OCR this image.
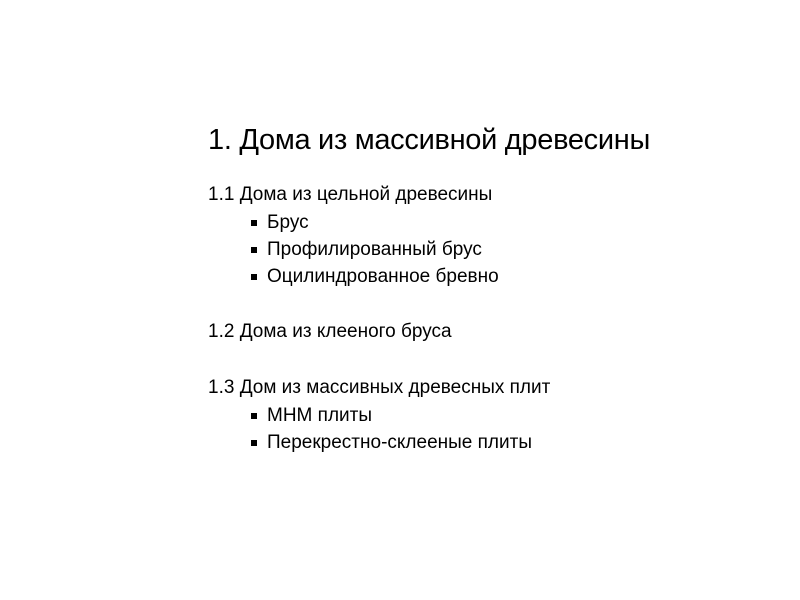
1. Дома из массивной древесины
1.1 Дома из цельной древесины
Брус
Профилированный брус
Оцилиндрованное бревно
1.2 Дома из клееного бруса
1.3 Дом из массивных древесных плит
МНМ плиты
Перекрестно-склееные плиты
